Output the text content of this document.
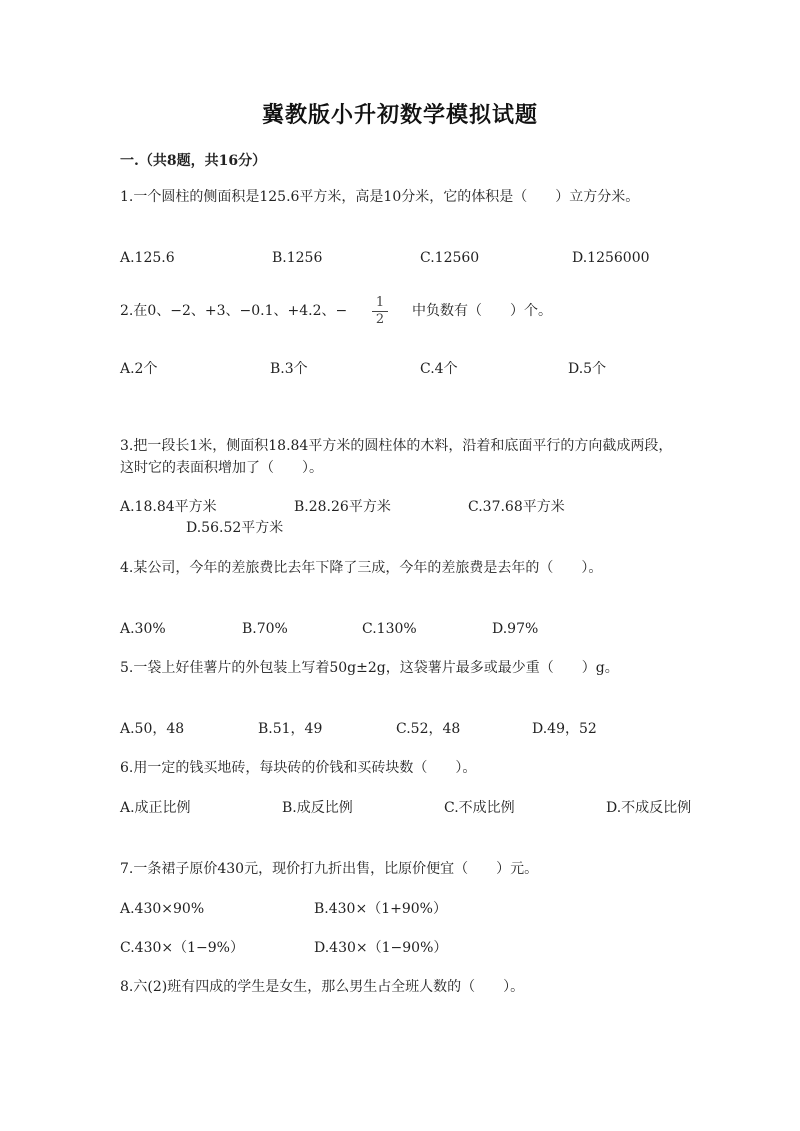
冀教版小升初数学模拟试题
一.（共8题，共16分）
1.一个圆柱的侧面积是125.6平方米，高是10分米，它的体积是（　　）立方分米。
A.125.6	B.1256	C.12560	D.1256000
2.在0、−2、+3、−0.1、+4.2、−
1
2
中负数有（　　）个。
A.2个	B.3个	C.4个	D.5个
3.把一段长1米，侧面积18.84平方米的圆柱体的木料，沿着和底面平行的方向截成两段，这时它的表面积增加了（　　）。
A.18.84平方米	B.28.26平方米	C.37.68平方米
D.56.52平方米
4.某公司，今年的差旅费比去年下降了三成，今年的差旅费是去年的（　　）。
A.30%	B.70%	C.130%	D.97%
5.一袋上好佳薯片的外包装上写着50g±2g，这袋薯片最多或最少重（　　）g。
A.50，48	B.51，49	C.52，48	D.49，52
6.用一定的钱买地砖，每块砖的价钱和买砖块数（　　）。
A.成正比例	B.成反比例	C.不成比例	D.不成反比例
7.一条裙子原价430元，现价打九折出售，比原价便宜（　　）元。
A.430×90%	B.430×（1+90%）
C.430×（1−9%）	D.430×（1−90%）
8.六(2)班有四成的学生是女生，那么男生占全班人数的（　　）。
